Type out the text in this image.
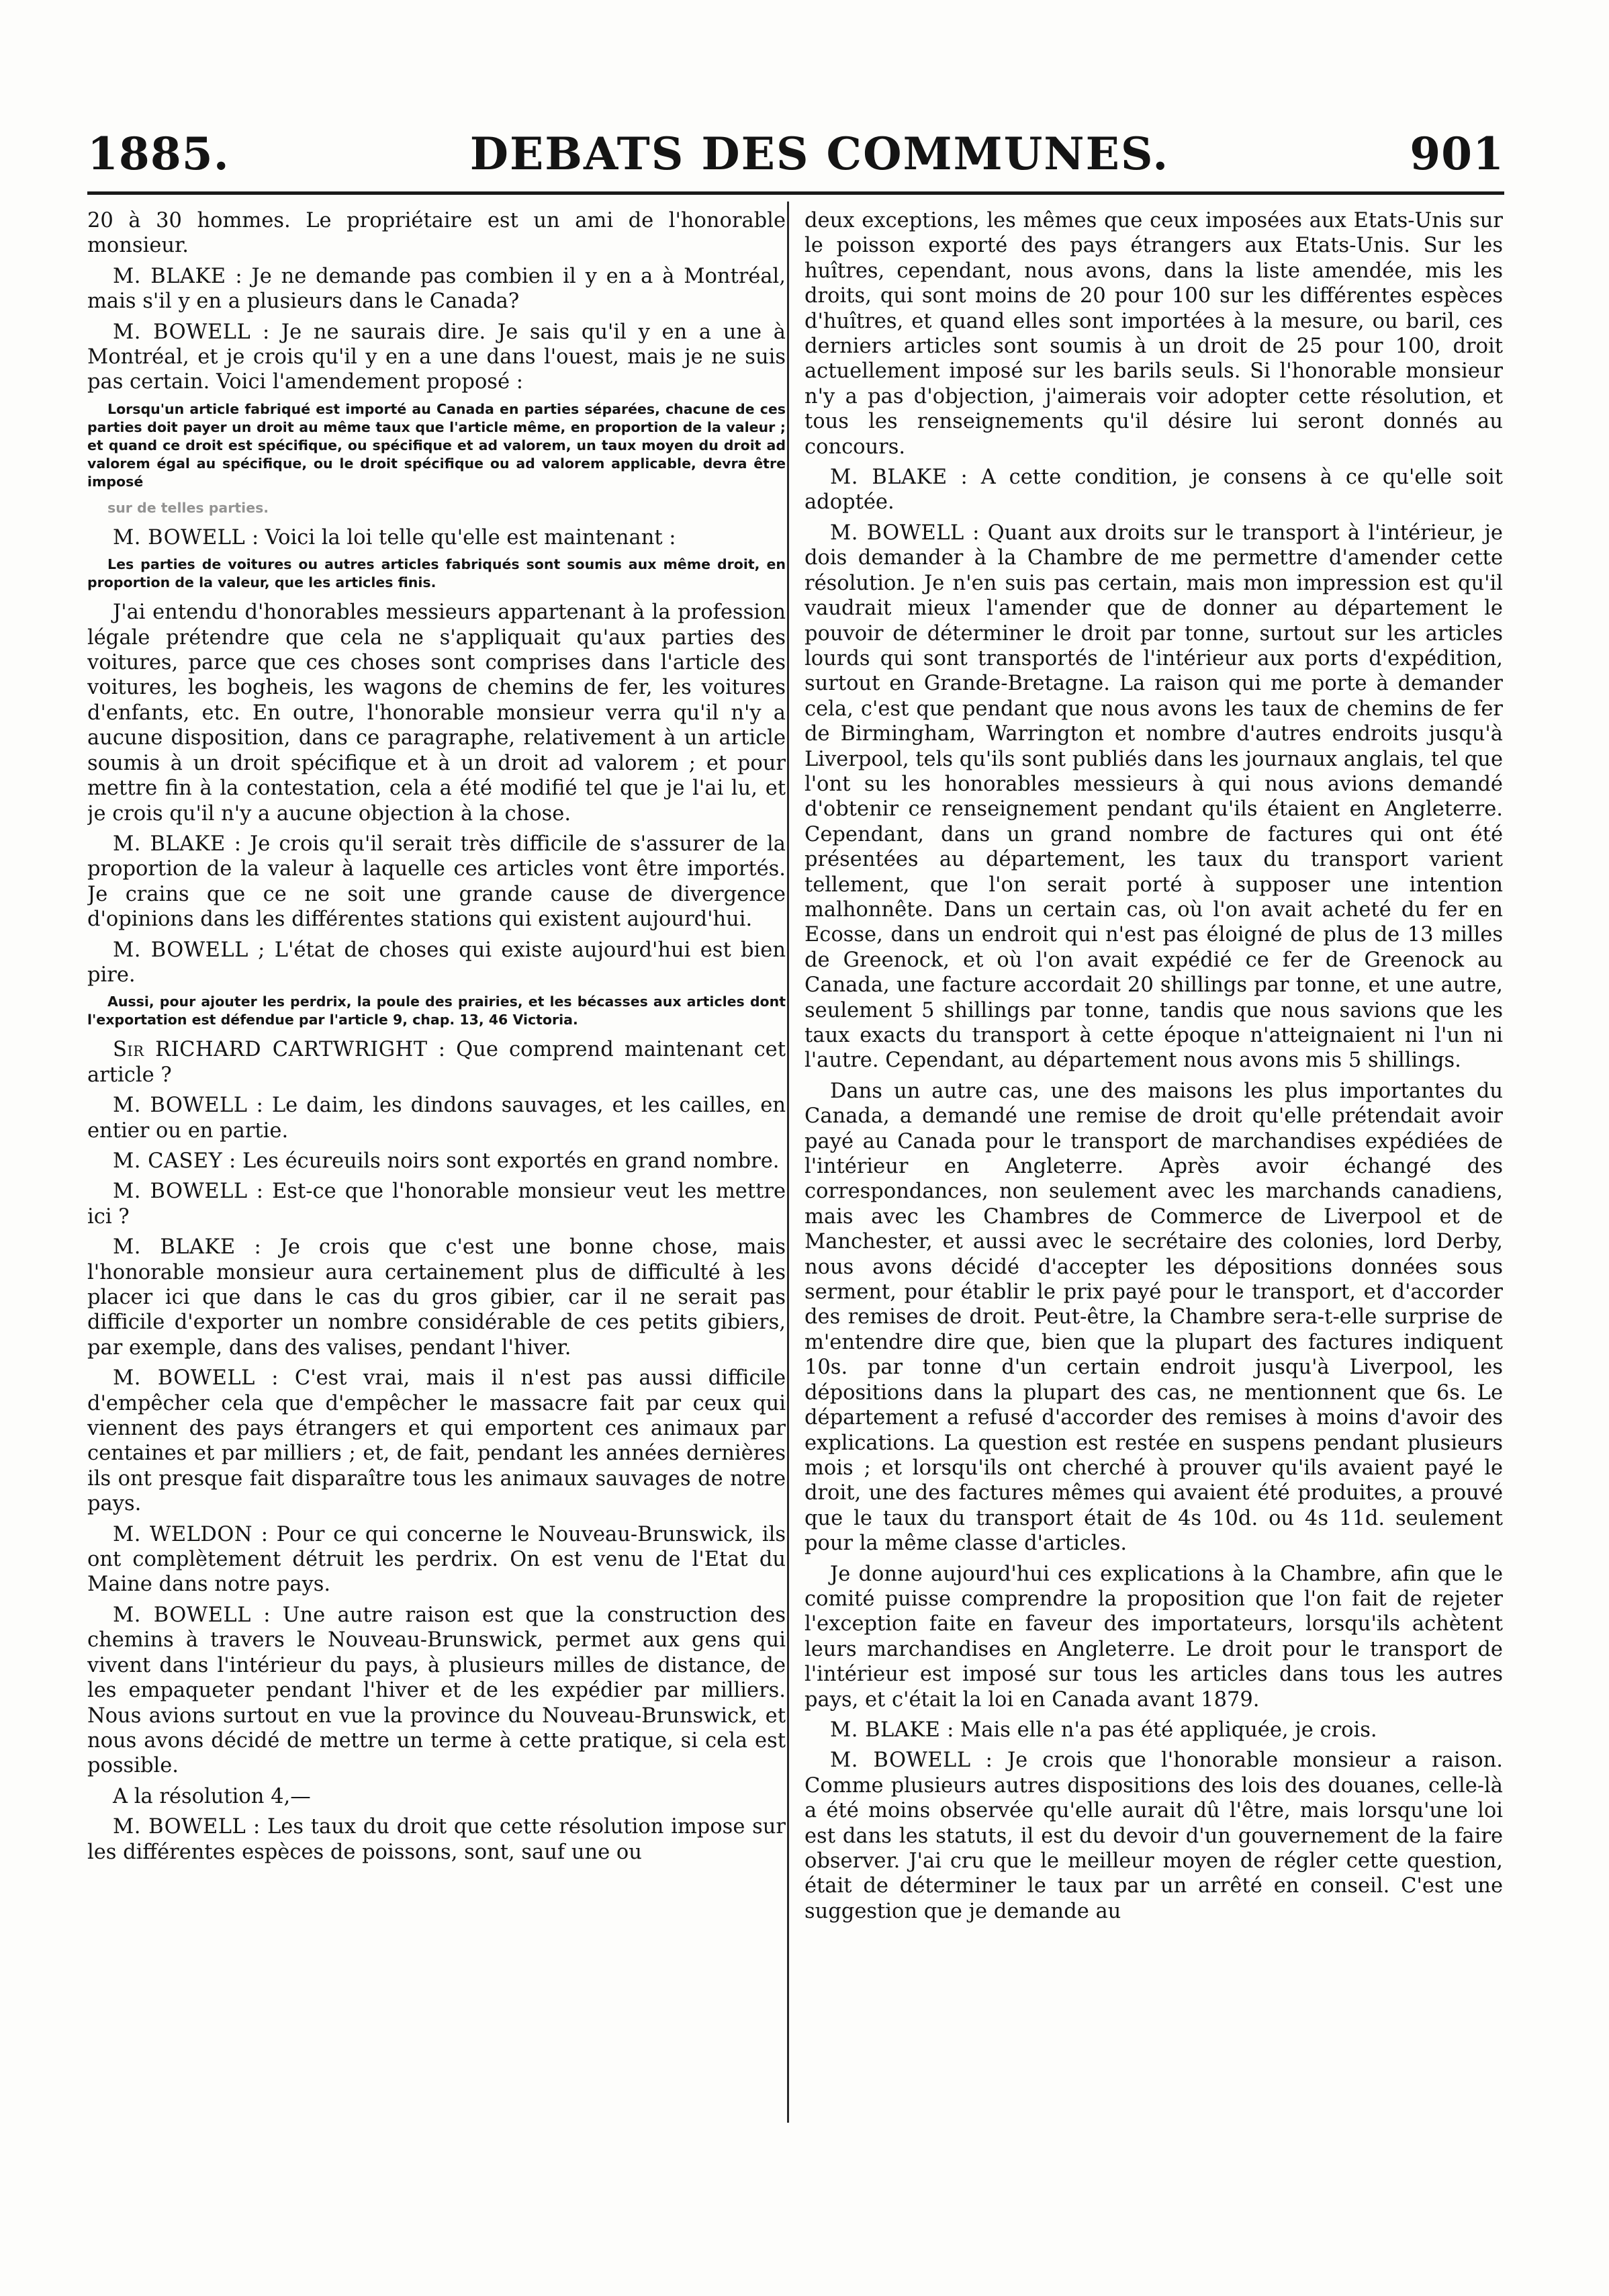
1885.	DEBATS DES COMMUNES.	901

20 à 30 hommes. Le propriétaire est un ami de l'honorable monsieur.

M. BLAKE : Je ne demande pas combien il y en a à Montréal, mais s'il y en a plusieurs dans le Canada?

M. BOWELL : Je ne saurais dire. Je sais qu'il y en a une à Montréal, et je crois qu'il y en a une dans l'ouest, mais je ne suis pas certain. Voici l'amendement proposé :

Lorsqu'un article fabriqué est importé au Canada en parties séparées, chacune de ces parties doit payer un droit au même taux que l'article même, en proportion de la valeur ; et quand ce droit est spécifique, ou spécifique et ad valorem, un taux moyen du droit ad valorem égal au spécifique, ou le droit spécifique ou ad valorem applicable, devra être imposé

sur de telles parties.

M. BOWELL : Voici la loi telle qu'elle est maintenant :

Les parties de voitures ou autres articles fabriqués sont soumis aux même droit, en proportion de la valeur, que les articles finis.

J'ai entendu d'honorables messieurs appartenant à la profession légale prétendre que cela ne s'appliquait qu'aux parties des voitures, parce que ces choses sont comprises dans l'article des voitures, les bogheis, les wagons de chemins de fer, les voitures d'enfants, etc. En outre, l'honorable monsieur verra qu'il n'y a aucune disposition, dans ce paragraphe, relativement à un article soumis à un droit spécifique et à un droit ad valorem ; et pour mettre fin à la contestation, cela a été modifié tel que je l'ai lu, et je crois qu'il n'y a aucune objection à la chose.

M. BLAKE : Je crois qu'il serait très difficile de s'assurer de la proportion de la valeur à laquelle ces articles vont être importés. Je crains que ce ne soit une grande cause de divergence d'opinions dans les différentes stations qui existent aujourd'hui.

M. BOWELL ; L'état de choses qui existe aujourd'hui est bien pire.

Aussi, pour ajouter les perdrix, la poule des prairies, et les bécasses aux articles dont l'exportation est défendue par l'article 9, chap. 13, 46 Victoria.

Sir RICHARD CARTWRIGHT : Que comprend maintenant cet article ?

M. BOWELL : Le daim, les dindons sauvages, et les cailles, en entier ou en partie.

M. CASEY : Les écureuils noirs sont exportés en grand nombre.

M. BOWELL : Est-ce que l'honorable monsieur veut les mettre ici ?

M. BLAKE : Je crois que c'est une bonne chose, mais l'honorable monsieur aura certainement plus de difficulté à les placer ici que dans le cas du gros gibier, car il ne serait pas difficile d'exporter un nombre considérable de ces petits gibiers, par exemple, dans des valises, pendant l'hiver.

M. BOWELL : C'est vrai, mais il n'est pas aussi difficile d'empêcher cela que d'empêcher le massacre fait par ceux qui viennent des pays étrangers et qui emportent ces animaux par centaines et par milliers ; et, de fait, pendant les années dernières ils ont presque fait disparaître tous les animaux sauvages de notre pays.

M. WELDON : Pour ce qui concerne le Nouveau-Brunswick, ils ont complètement détruit les perdrix. On est venu de l'Etat du Maine dans notre pays.

M. BOWELL : Une autre raison est que la construction des chemins à travers le Nouveau-Brunswick, permet aux gens qui vivent dans l'intérieur du pays, à plusieurs milles de distance, de les empaqueter pendant l'hiver et de les expédier par milliers. Nous avions surtout en vue la province du Nouveau-Brunswick, et nous avons décidé de mettre un terme à cette pratique, si cela est possible.

A la résolution 4,—

M. BOWELL : Les taux du droit que cette résolution impose sur les différentes espèces de poissons, sont, sauf une ou

deux exceptions, les mêmes que ceux imposées aux Etats-Unis sur le poisson exporté des pays étrangers aux Etats-Unis. Sur les huîtres, cependant, nous avons, dans la liste amendée, mis les droits, qui sont moins de 20 pour 100 sur les différentes espèces d'huîtres, et quand elles sont importées à la mesure, ou baril, ces derniers articles sont soumis à un droit de 25 pour 100, droit actuellement imposé sur les barils seuls. Si l'honorable monsieur n'y a pas d'objection, j'aimerais voir adopter cette résolution, et tous les renseignements qu'il désire lui seront donnés au concours.

M. BLAKE : A cette condition, je consens à ce qu'elle soit adoptée.

M. BOWELL : Quant aux droits sur le transport à l'intérieur, je dois demander à la Chambre de me permettre d'amender cette résolution. Je n'en suis pas certain, mais mon impression est qu'il vaudrait mieux l'amender que de donner au département le pouvoir de déterminer le droit par tonne, surtout sur les articles lourds qui sont transportés de l'intérieur aux ports d'expédition, surtout en Grande-Bretagne. La raison qui me porte à demander cela, c'est que pendant que nous avons les taux de chemins de fer de Birmingham, Warrington et nombre d'autres endroits jusqu'à Liverpool, tels qu'ils sont publiés dans les journaux anglais, tel que l'ont su les honorables messieurs à qui nous avions demandé d'obtenir ce renseignement pendant qu'ils étaient en Angleterre. Cependant, dans un grand nombre de factures qui ont été présentées au département, les taux du transport varient tellement, que l'on serait porté à supposer une intention malhonnête. Dans un certain cas, où l'on avait acheté du fer en Ecosse, dans un endroit qui n'est pas éloigné de plus de 13 milles de Greenock, et où l'on avait expédié ce fer de Greenock au Canada, une facture accordait 20 shillings par tonne, et une autre, seulement 5 shillings par tonne, tandis que nous savions que les taux exacts du transport à cette époque n'atteignaient ni l'un ni l'autre. Cependant, au département nous avons mis 5 shillings.

Dans un autre cas, une des maisons les plus importantes du Canada, a demandé une remise de droit qu'elle prétendait avoir payé au Canada pour le transport de marchandises expédiées de l'intérieur en Angleterre. Après avoir échangé des correspondances, non seulement avec les marchands canadiens, mais avec les Chambres de Commerce de Liverpool et de Manchester, et aussi avec le secrétaire des colonies, lord Derby, nous avons décidé d'accepter les dépositions données sous serment, pour établir le prix payé pour le transport, et d'accorder des remises de droit. Peut-être, la Chambre sera-t-elle surprise de m'entendre dire que, bien que la plupart des factures indiquent 10s. par tonne d'un certain endroit jusqu'à Liverpool, les dépositions dans la plupart des cas, ne mentionnent que 6s. Le département a refusé d'accorder des remises à moins d'avoir des explications. La question est restée en suspens pendant plusieurs mois ; et lorsqu'ils ont cherché à prouver qu'ils avaient payé le droit, une des factures mêmes qui avaient été produites, a prouvé que le taux du transport était de 4s 10d. ou 4s 11d. seulement pour la même classe d'articles.

Je donne aujourd'hui ces explications à la Chambre, afin que le comité puisse comprendre la proposition que l'on fait de rejeter l'exception faite en faveur des importateurs, lorsqu'ils achètent leurs marchandises en Angleterre. Le droit pour le transport de l'intérieur est imposé sur tous les articles dans tous les autres pays, et c'était la loi en Canada avant 1879.

M. BLAKE : Mais elle n'a pas été appliquée, je crois.

M. BOWELL : Je crois que l'honorable monsieur a raison. Comme plusieurs autres dispositions des lois des douanes, celle-là a été moins observée qu'elle aurait dû l'être, mais lorsqu'une loi est dans les statuts, il est du devoir d'un gouvernement de la faire observer. J'ai cru que le meilleur moyen de régler cette question, était de déterminer le taux par un arrêté en conseil. C'est une suggestion que je demande au
